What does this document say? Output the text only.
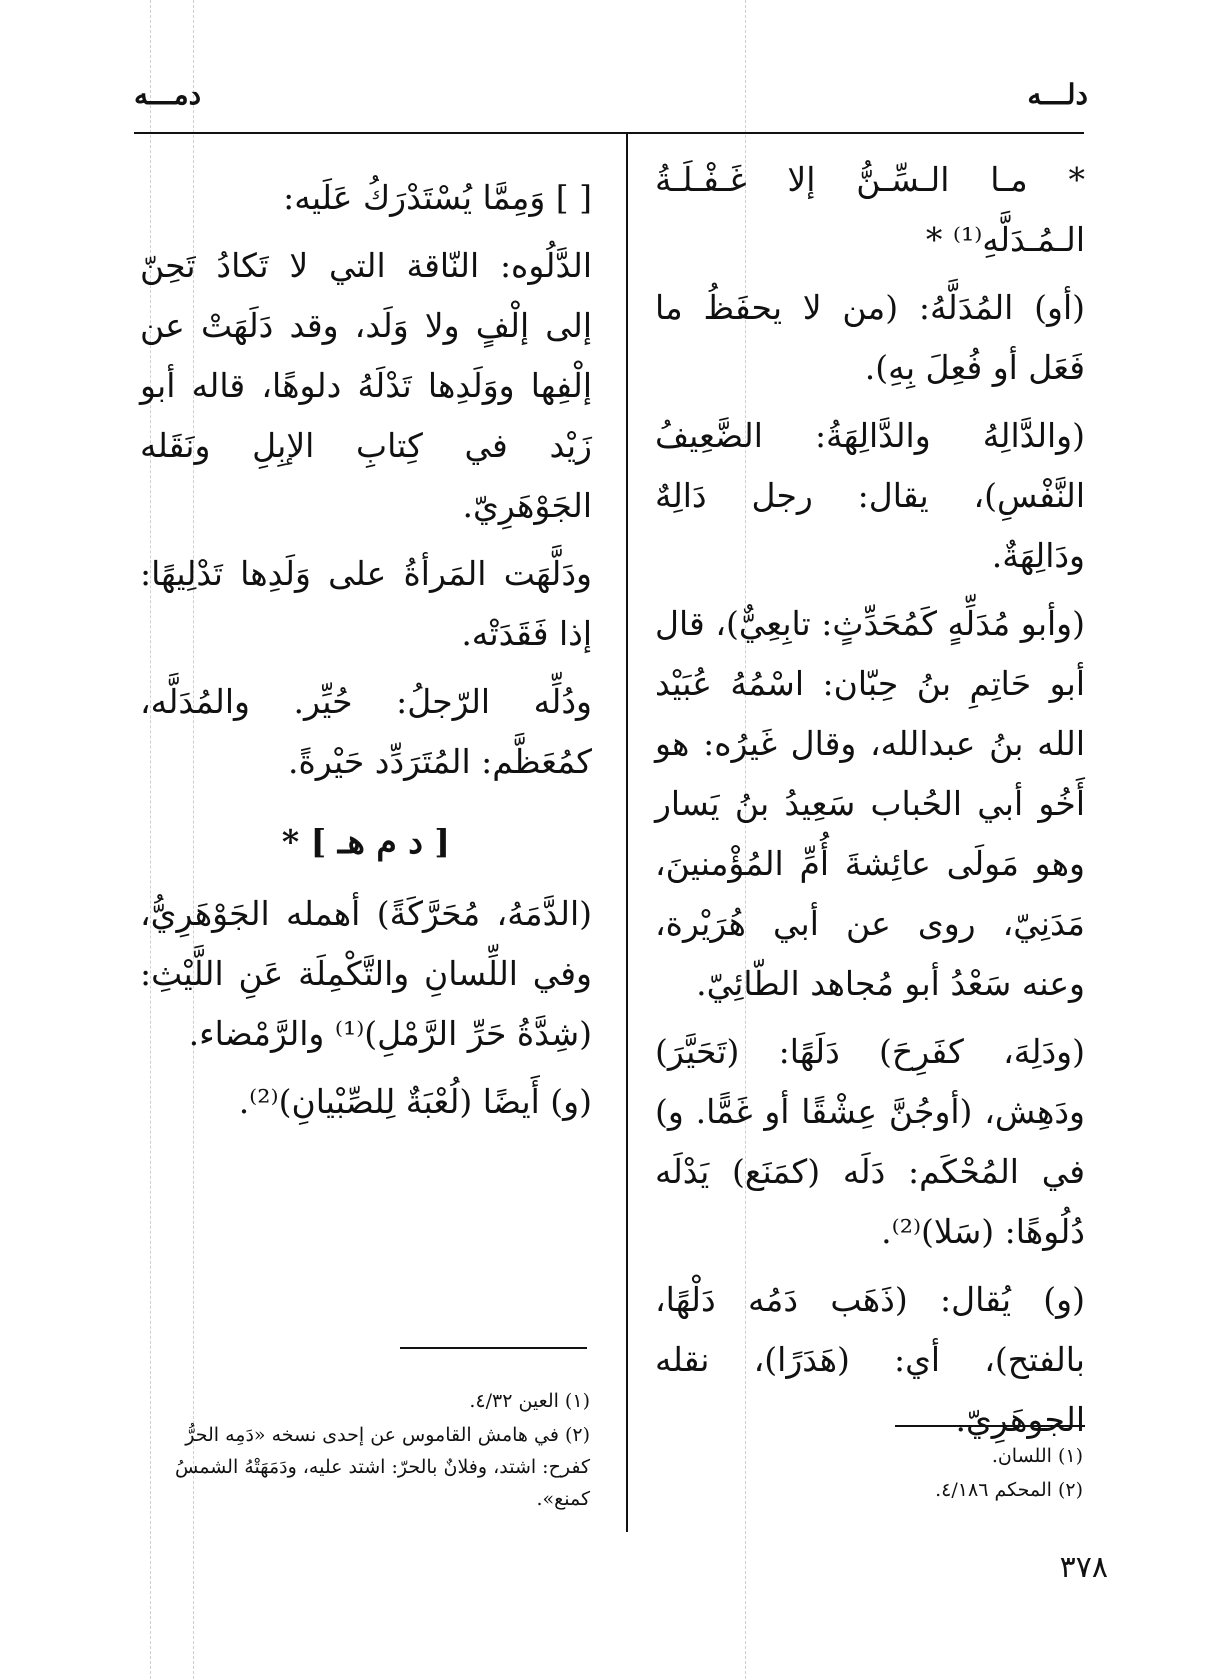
دلـــه
دمـــه

* مـا الـسِّـنُّ إلا غَـفْـلَـةُ الـمُـدَلَّهِ⁽¹⁾ *

(أو) المُدَلَّهُ: (من لا يحفَظُ ما فَعَل أو فُعِلَ بِهِ).

(والدَّالِهُ والدَّالِهَةُ: الضَّعِيفُ النَّفْسِ)، يقال: رجل دَالِهٌ ودَالِهَةٌ.

(وأبو مُدَلِّهٍ كَمُحَدِّثٍ: تابِعِيٌّ)، قال أبو حَاتِمِ بنُ حِبّان: اسْمُهُ عُبَيْد الله بنُ عبدالله، وقال غَيرُه: هو أَخُو أبي الحُباب سَعِيدُ بنُ يَسار وهو مَولَى عائِشةَ أُمِّ المُؤْمنينَ، مَدَنِيّ، روى عن أبي هُرَيْرة، وعنه سَعْدُ أبو مُجاهد الطّائِيّ.

(ودَلِهَ، كفَرِحَ) دَلَهًا: (تَحَيَّرَ) ودَهِش، (أوجُنَّ عِشْقًا أو غَمًّا. و) في المُحْكَم: دَلَه (كمَنَع) يَدْلَه دُلُوهًا: (سَلا)⁽²⁾.

(و) يُقال: (ذَهَب دَمُه دَلْهًا، بالفتح)، أي: (هَدَرًا)، نقله الجوهَرِيّ.

(١) اللسان.
(٢) المحكم ٤/١٨٦.

[ ] وَمِمَّا يُسْتَدْرَكُ عَلَيه:

الدَّلُوه: النّاقة التي لا تَكادُ تَحِنّ إلى إلْفٍ ولا وَلَد، وقد دَلَهَتْ عن إلْفِها ووَلَدِها تَدْلَهُ دلوهًا، قاله أبو زَيْد في كِتابِ الإبِلِ ونَقَله الجَوْهَرِيّ.

ودَلَّهَت المَرأةُ على وَلَدِها تَدْلِيهًا: إذا فَقَدَتْه.

ودُلِّه الرّجلُ: حُيِّر. والمُدَلَّه، كمُعَظَّم: المُتَرَدِّد حَيْرةً.

[ د م هـ ] *

(الدَّمَهُ، مُحَرَّكَةً) أهمله الجَوْهَرِيُّ، وفي اللِّسانِ والتَّكْمِلَة عَنِ اللَّيْثِ: (شِدَّةُ حَرِّ الرَّمْلِ)⁽¹⁾ والرَّمْضاء.

(و) أَيضًا (لُعْبَةٌ لِلصِّبْيانِ)⁽²⁾.

(١) العين ٤/٣٢.
(٢) في هامش القاموس عن إحدى نسخه «دَمِه الحرُّ كفرح: اشتد، وفلانٌ بالحرّ: اشتد عليه، ودَمَهَتْهُ الشمسُ كمنع».
٣٧٨
